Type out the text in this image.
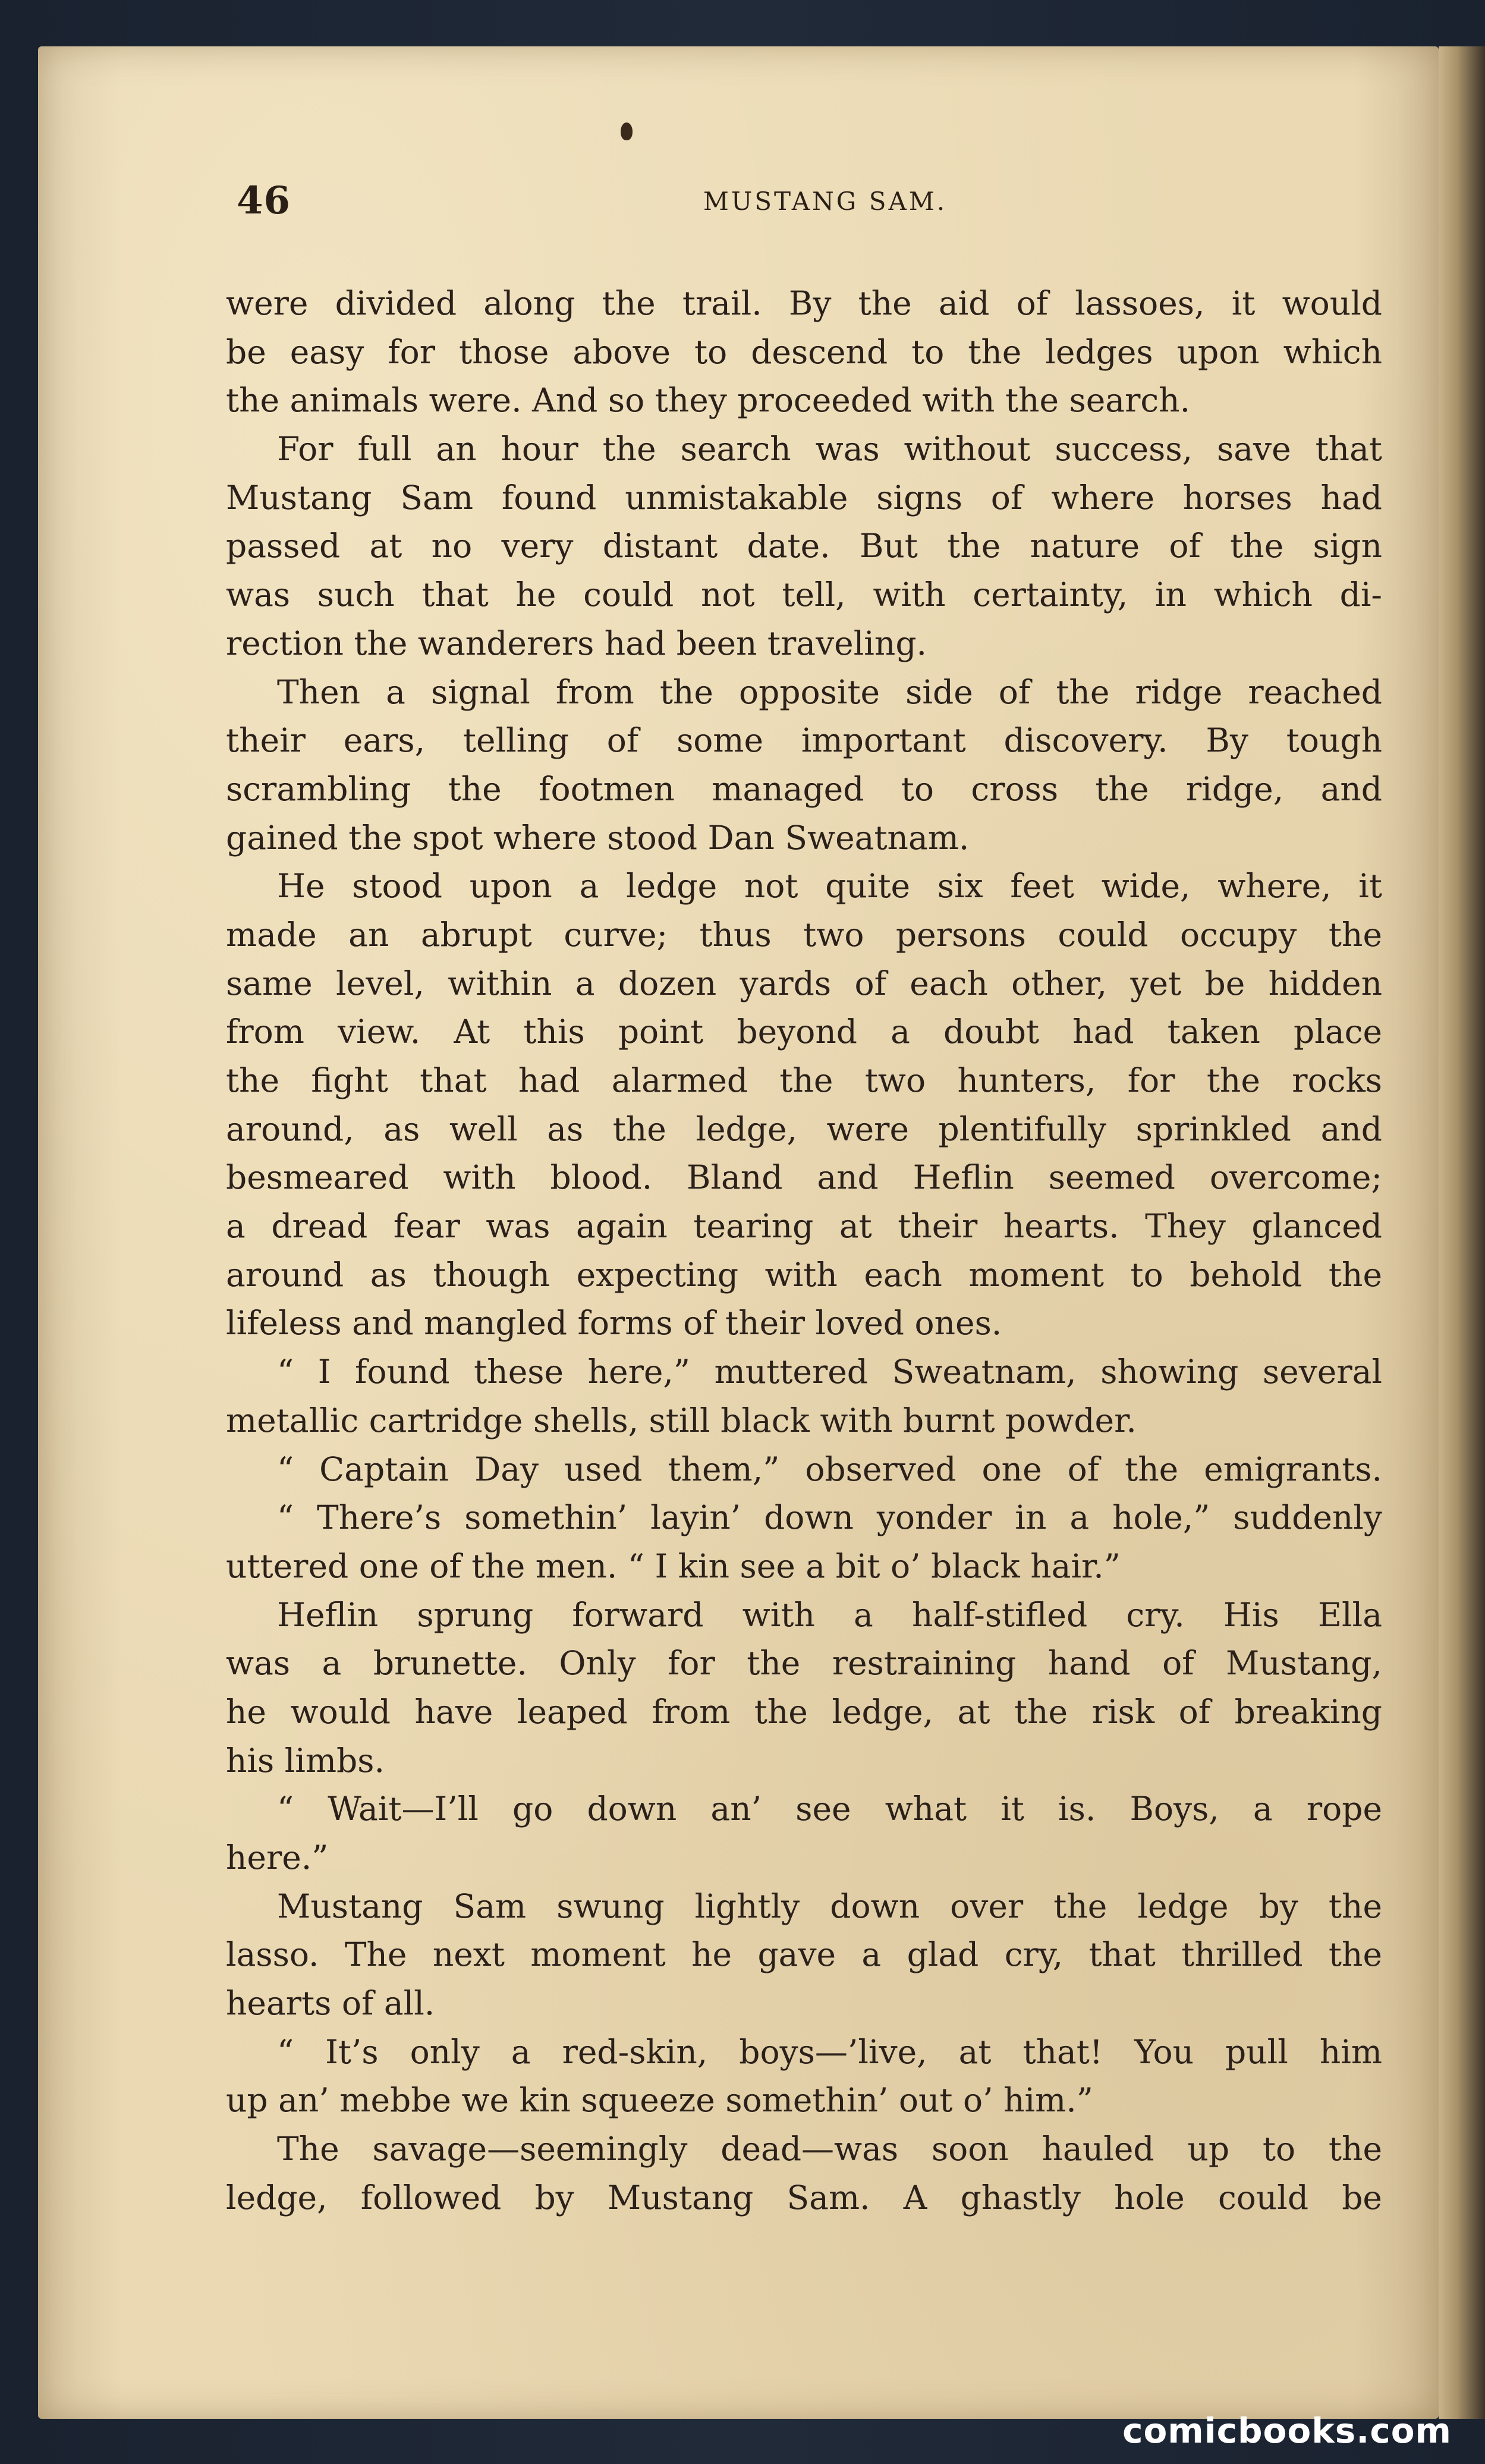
46	MUSTANG SAM.
were divided along the trail. By the aid of lassoes, it would
be easy for those above to descend to the ledges upon which
the animals were. And so they proceeded with the search.
For full an hour the search was without success, save that
Mustang Sam found unmistakable signs of where horses had
passed at no very distant date. But the nature of the sign
was such that he could not tell, with certainty, in which di-
rection the wanderers had been traveling.
Then a signal from the opposite side of the ridge reached
their ears, telling of some important discovery. By tough
scrambling the footmen managed to cross the ridge, and
gained the spot where stood Dan Sweatnam.
He stood upon a ledge not quite six feet wide, where, it
made an abrupt curve; thus two persons could occupy the
same level, within a dozen yards of each other, yet be hidden
from view. At this point beyond a doubt had taken place
the fight that had alarmed the two hunters, for the rocks
around, as well as the ledge, were plentifully sprinkled and
besmeared with blood. Bland and Heflin seemed overcome;
a dread fear was again tearing at their hearts. They glanced
around as though expecting with each moment to behold the
lifeless and mangled forms of their loved ones.
“ I found these here,” muttered Sweatnam, showing several
metallic cartridge shells, still black with burnt powder.
“ Captain Day used them,” observed one of the emigrants.
“ There’s somethin’ layin’ down yonder in a hole,” suddenly
uttered one of the men. “ I kin see a bit o’ black hair.”
Heflin sprung forward with a half-stifled cry. His Ella
was a brunette. Only for the restraining hand of Mustang,
he would have leaped from the ledge, at the risk of breaking
his limbs.
“ Wait—I’ll go down an’ see what it is. Boys, a rope
here.”
Mustang Sam swung lightly down over the ledge by the
lasso. The next moment he gave a glad cry, that thrilled the
hearts of all.
“ It’s only a red-skin, boys—’live, at that! You pull him
up an’ mebbe we kin squeeze somethin’ out o’ him.”
The savage—seemingly dead—was soon hauled up to the
ledge, followed by Mustang Sam. A ghastly hole could be
comicbooks.com
